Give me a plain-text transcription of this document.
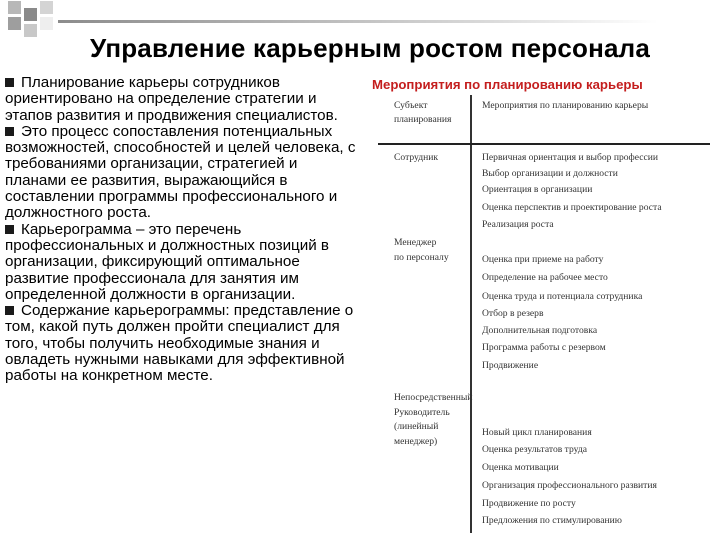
Управление карьерным ростом персонала

Планирование карьеры сотрудников ориентировано на определение стратегии и этапов развития и продвижения специалистов.

Это процесс сопоставления потенциальных возможностей, способностей и целей человека, с требованиями организации, стратегией и планами ее развития, выражающийся в составлении программы профессионального и должностного роста.

Карьерограмма – это перечень профессиональных и должностных позиций в организации, фиксирующий оптимальное развитие профессионала для занятия им определенной должности в организации.

Содержание карьерограммы: представление о том, какой путь должен пройти специалист для того, чтобы получить необходимые знания и овладеть нужными навыками для эффективной работы на конкретном месте.

Мероприятия по планированию карьеры
Субъект
планирования
Мероприятия по планированию карьеры
Сотрудник	Первичная ориентация и выбор профессии
Выбор организации и должности
Ориентация в организации
Оценка перспектив и проектирование роста
Реализация роста
Менеджер
по персоналу	Оценка при приеме на работу
Определение на рабочее место
Оценка труда и потенциала сотрудника
Отбор в резерв
Дополнительная подготовка
Программа работы с резервом
Продвижение
Непосредственный
Руководитель
(линейный
менеджер)
Новый цикл планирования
Оценка результатов труда
Оценка мотивации
Организация профессионального развития
Продвижение по росту
Предложения по стимулированию
